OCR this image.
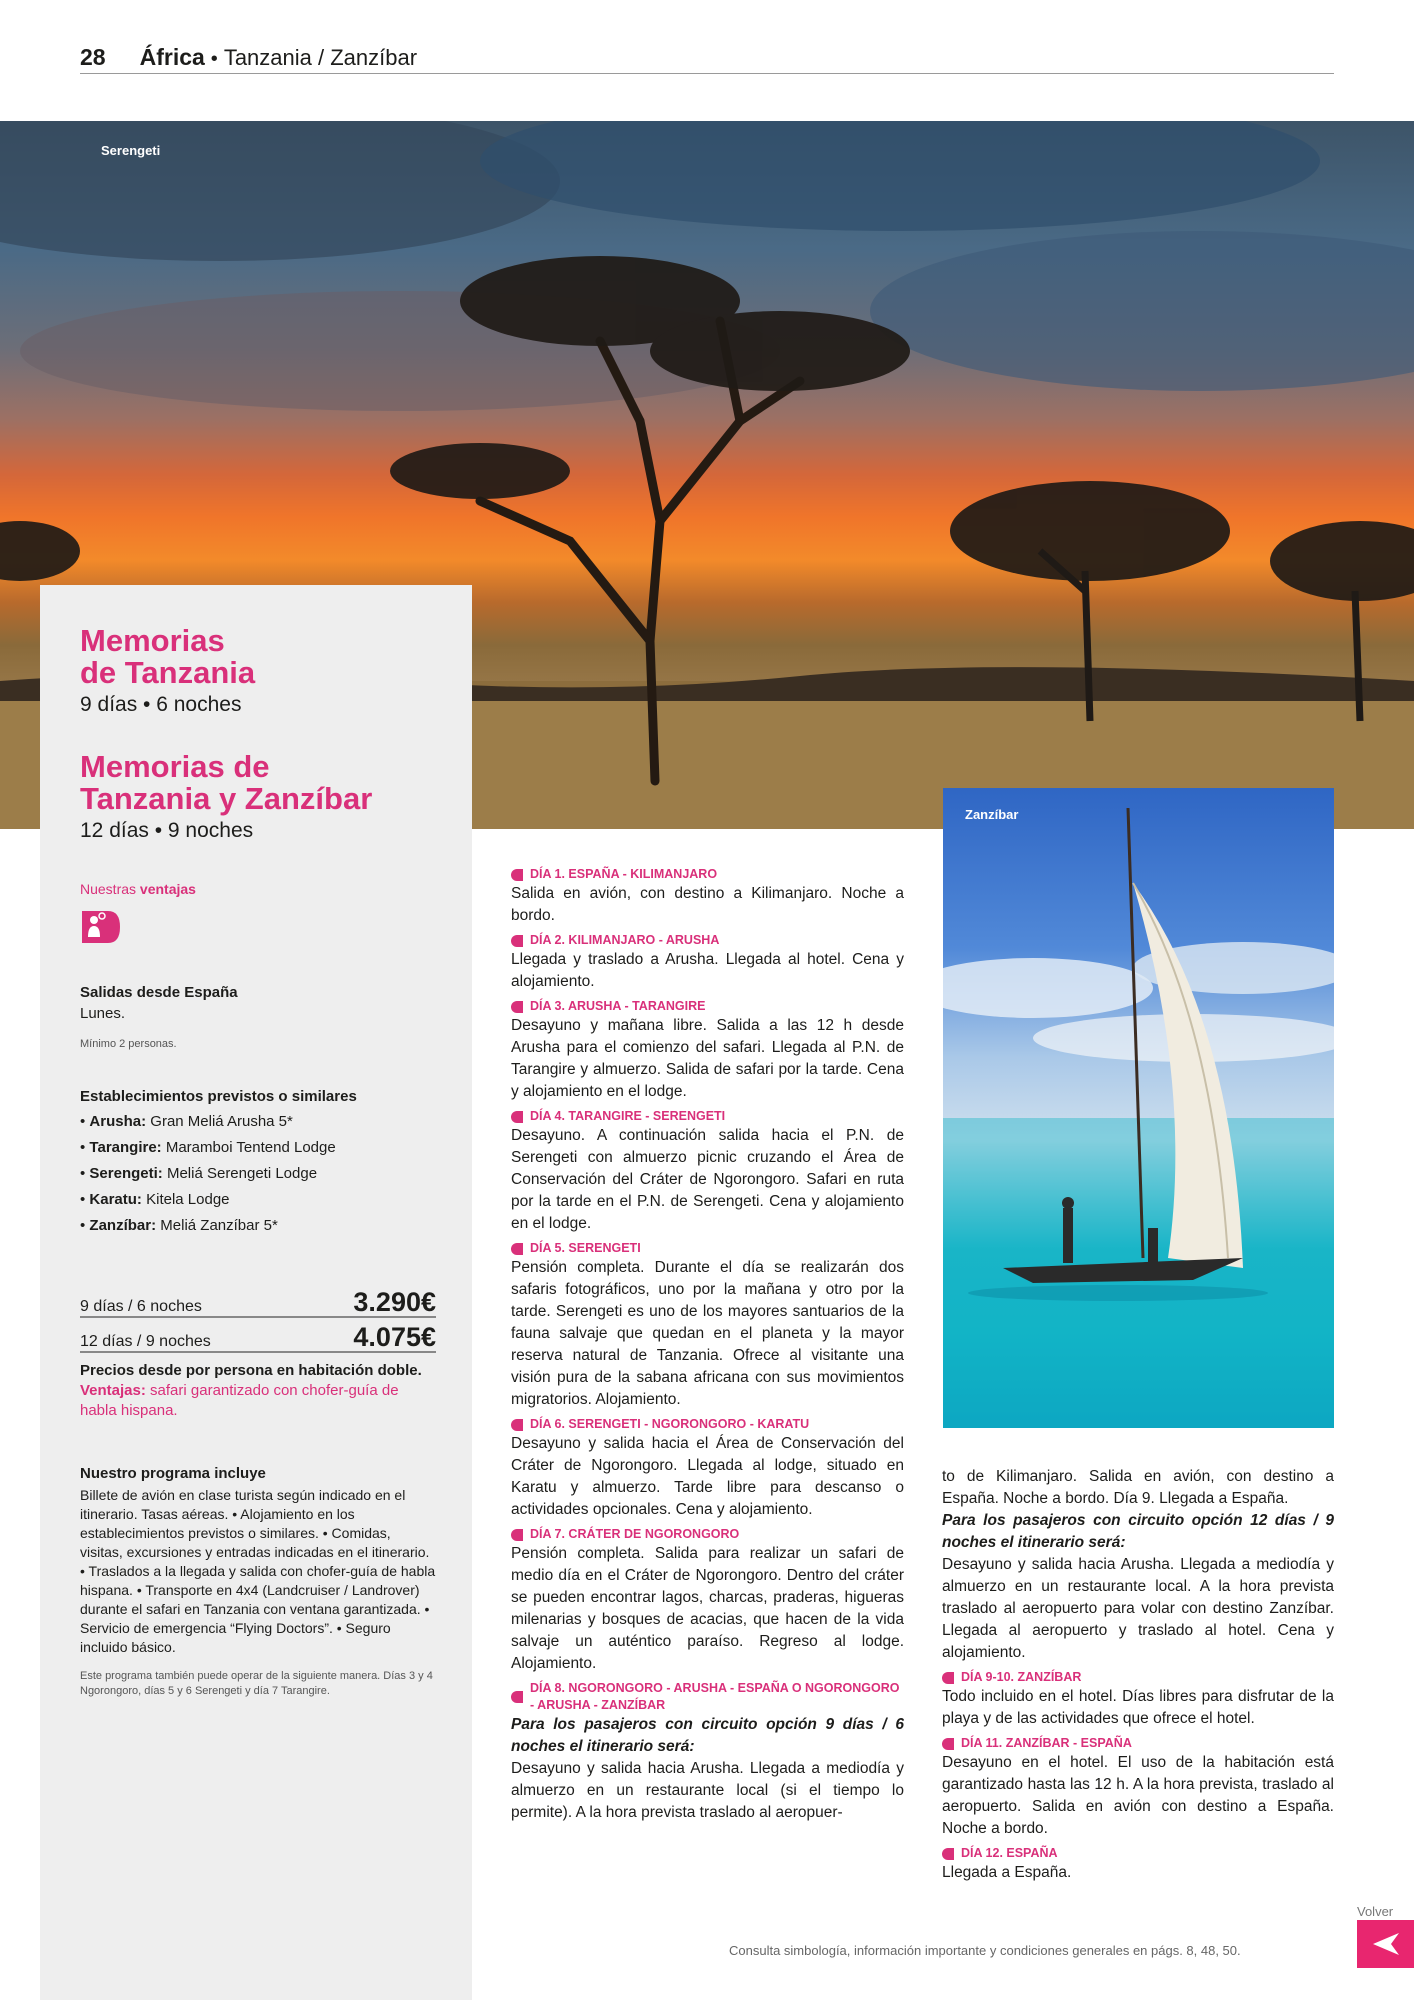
28 África • Tanzania / Zanzíbar
Serengeti
Memorias
de Tanzania
9 días • 6 noches
Memorias de
Tanzania y Zanzíbar
12 días • 9 noches
Nuestras ventajas
Salidas desde España
Lunes.
Mínimo 2 personas.
Establecimientos previstos o similares
• Arusha: Gran Meliá Arusha 5*
• Tarangire: Maramboi Tentend Lodge
• Serengeti: Meliá Serengeti Lodge
• Karatu: Kitela Lodge
• Zanzíbar: Meliá Zanzíbar 5*
9 días / 6 noches	3.290€
12 días / 9 noches	4.075€
Precios desde por persona en habitación doble. Ventajas: safari garantizado con chofer-guía de habla hispana.
Nuestro programa incluye
Billete de avión en clase turista según indicado en el itinerario. Tasas aéreas. • Alojamiento en los establecimientos previstos o similares. • Comidas, visitas, excursiones y entradas indicadas en el itinerario. • Traslados a la llegada y salida con chofer-guía de habla hispana. • Transporte en 4x4 (Landcruiser / Landrover) durante el safari en Tanzania con ventana garantizada. • Servicio de emergencia “Flying Doctors”. • Seguro incluido básico.
Este programa también puede operar de la siguiente manera. Días 3 y 4 Ngorongoro, días 5 y 6 Serengeti y día 7 Tarangire.
DÍA 1. ESPAÑA - KILIMANJARO
Salida en avión, con destino a Kilimanjaro. Noche a bordo.
DÍA 2. KILIMANJARO - ARUSHA
Llegada y traslado a Arusha. Llegada al hotel. Cena y alojamiento.
DÍA 3. ARUSHA - TARANGIRE
Desayuno y mañana libre. Salida a las 12 h desde Arusha para el comienzo del safari. Llegada al P.N. de Tarangire y almuerzo. Salida de safari por la tarde. Cena y alojamiento en el lodge.
DÍA 4. TARANGIRE - SERENGETI
Desayuno. A continuación salida hacia el P.N. de Serengeti con almuerzo picnic cruzando el Área de Conservación del Cráter de Ngorongoro. Safari en ruta por la tarde en el P.N. de Serengeti. Cena y alojamiento en el lodge.
DÍA 5. SERENGETI
Pensión completa. Durante el día se realizarán dos safaris fotográficos, uno por la mañana y otro por la tarde. Serengeti es uno de los mayores santuarios de la fauna salvaje que quedan en el planeta y la mayor reserva natural de Tanzania. Ofrece al visitante una visión pura de la sabana africana con sus movimientos migratorios. Alojamiento.
DÍA 6. SERENGETI - NGORONGORO - KARATU
Desayuno y salida hacia el Área de Conservación del Cráter de Ngorongoro. Llegada al lodge, situado en Karatu y almuerzo. Tarde libre para descanso o actividades opcionales. Cena y alojamiento.
DÍA 7. CRÁTER DE NGORONGORO
Pensión completa. Salida para realizar un safari de medio día en el Cráter de Ngorongoro. Dentro del cráter se pueden encontrar lagos, charcas, praderas, higueras milenarias y bosques de acacias, que hacen de la vida salvaje un auténtico paraíso. Regreso al lodge. Alojamiento.
DÍA 8. NGORONGORO - ARUSHA - ESPAÑA O NGORONGORO - ARUSHA - ZANZÍBAR
Para los pasajeros con circuito opción 9 días / 6 noches el itinerario será:
Desayuno y salida hacia Arusha. Llegada a mediodía y almuerzo en un restaurante local (si el tiempo lo permite). A la hora prevista traslado al aeropuer-
Zanzíbar
to de Kilimanjaro. Salida en avión, con destino a España. Noche a bordo. Día 9. Llegada a España.
Para los pasajeros con circuito opción 12 días / 9 noches el itinerario será:
Desayuno y salida hacia Arusha. Llegada a mediodía y almuerzo en un restaurante local. A la hora prevista traslado al aeropuerto para volar con destino Zanzíbar. Llegada al aeropuerto y traslado al hotel. Cena y alojamiento.
DÍA 9-10. ZANZÍBAR
Todo incluido en el hotel. Días libres para disfrutar de la playa y de las actividades que ofrece el hotel.
DÍA 11. ZANZÍBAR - ESPAÑA
Desayuno en el hotel. El uso de la habitación está garantizado hasta las 12 h. A la hora prevista, traslado al aeropuerto. Salida en avión con destino a España. Noche a bordo.
DÍA 12. ESPAÑA
Llegada a España.
Consulta simbología, información importante y condiciones generales en págs. 8, 48, 50.
Volver
